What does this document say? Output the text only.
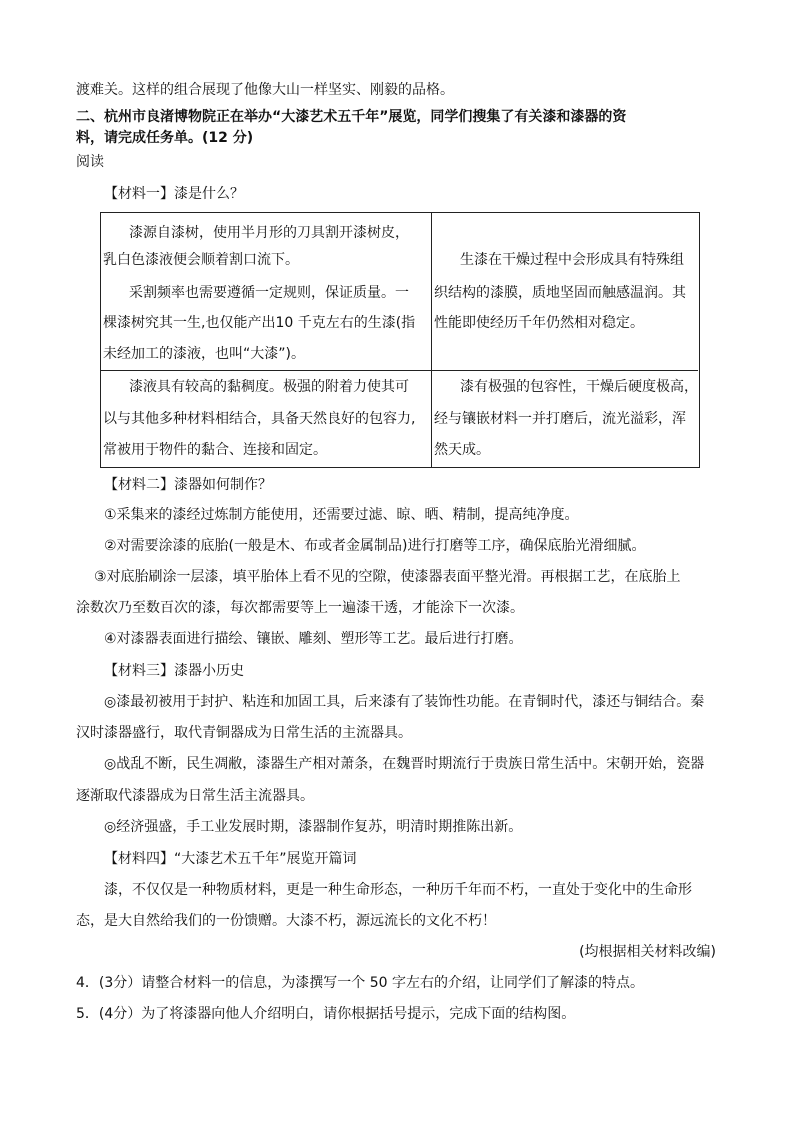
渡难关。这样的组合展现了他像大山一样坚实、刚毅的品格。
二、杭州市良渚博物院正在举办“大漆艺术五千年”展览，同学们搜集了有关漆和漆器的资
料，请完成任务单。(12 分)
阅读
【材料一】漆是什么？
漆源自漆树，使用半月形的刀具割开漆树皮，
乳白色漆液便会顺着割口流下。
采割频率也需要遵循一定规则，保证质量。一
棵漆树究其一生,也仅能产出10 千克左右的生漆(指
未经加工的漆液，也叫“大漆”)。
生漆在干燥过程中会形成具有特殊组
织结构的漆膜，质地坚固而触感温润。其
性能即使经历千年仍然相对稳定。
漆液具有较高的黏稠度。极强的附着力使其可
以与其他多种材料相结合，具备天然良好的包容力,
常被用于物件的黏合、连接和固定。
漆有极强的包容性，干燥后硬度极高，
经与镶嵌材料一并打磨后，流光溢彩，浑
然天成。
【材料二】漆器如何制作？
①采集来的漆经过炼制方能使用，还需要过滤、晾、晒、精制，提高纯净度。
②对需要涂漆的底胎(一般是木、布或者金属制品)进行打磨等工序，确保底胎光滑细腻。
③对底胎刷涂一层漆，填平胎体上看不见的空隙，使漆器表面平整光滑。再根据工艺，在底胎上
涂数次乃至数百次的漆，每次都需要等上一遍漆干透，才能涂下一次漆。
④对漆器表面进行描绘、镶嵌、雕刻、塑形等工艺。最后进行打磨。
【材料三】漆器小历史
◎漆最初被用于封护、粘连和加固工具，后来漆有了装饰性功能。在青铜时代，漆还与铜结合。秦
汉时漆器盛行，取代青铜器成为日常生活的主流器具。
◎战乱不断，民生凋敝，漆器生产相对萧条，在魏晋时期流行于贵族日常生活中。宋朝开始，瓷器
逐渐取代漆器成为日常生活主流器具。
◎经济强盛，手工业发展时期，漆器制作复苏，明清时期推陈出新。
【材料四】“大漆艺术五千年”展览开篇词
漆，不仅仅是一种物质材料，更是一种生命形态，一种历千年而不朽，一直处于变化中的生命形
态，是大自然给我们的一份馈赠。大漆不朽，源远流长的文化不朽！
(均根据相关材料改编)
4．(3分）请整合材料一的信息，为漆撰写一个 50 字左右的介绍，让同学们了解漆的特点。
5．(4分）为了将漆器向他人介绍明白，请你根据括号提示，完成下面的结构图。
